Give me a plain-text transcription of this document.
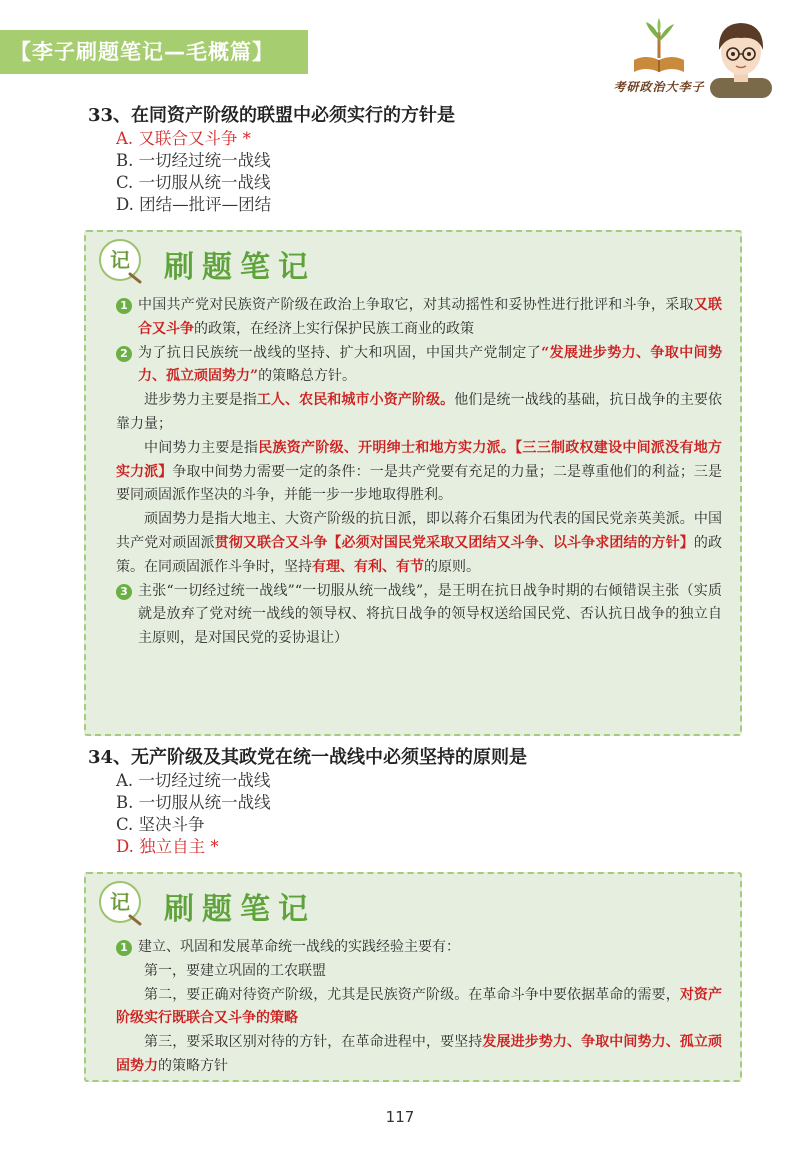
【李子刷题笔记—毛概篇】
考研政治大李子
33、在同资产阶级的联盟中必须实行的方针是
A. 又联合又斗争 *
B. 一切经过统一战线
C. 一切服从统一战线
D. 团结—批评—团结
记 刷题笔记
1 中国共产党对民族资产阶级在政治上争取它，对其动摇性和妥协性进行批评和斗争，采取又联合又斗争的政策，在经济上实行保护民族工商业的政策
2 为了抗日民族统一战线的坚持、扩大和巩固，中国共产党制定了“发展进步势力、争取中间势力、孤立顽固势力”的策略总方针。
进步势力主要是指工人、农民和城市小资产阶级。他们是统一战线的基础，抗日战争的主要依靠力量；
中间势力主要是指民族资产阶级、开明绅士和地方实力派。【三三制政权建设中间派没有地方实力派】争取中间势力需要一定的条件：一是共产党要有充足的力量；二是尊重他们的利益；三是要同顽固派作坚决的斗争，并能一步一步地取得胜利。
顽固势力是指大地主、大资产阶级的抗日派，即以蒋介石集团为代表的国民党亲英美派。中国共产党对顽固派贯彻又联合又斗争【必须对国民党采取又团结又斗争、以斗争求团结的方针】的政策。在同顽固派作斗争时，坚持有理、有利、有节的原则。
3 主张“一切经过统一战线”“一切服从统一战线”，是王明在抗日战争时期的右倾错误主张（实质就是放弃了党对统一战线的领导权、将抗日战争的领导权送给国民党、否认抗日战争的独立自主原则，是对国民党的妥协退让）
34、无产阶级及其政党在统一战线中必须坚持的原则是
A. 一切经过统一战线
B. 一切服从统一战线
C. 坚决斗争
D. 独立自主 *
记 刷题笔记
1 建立、巩固和发展革命统一战线的实践经验主要有：
第一，要建立巩固的工农联盟
第二，要正确对待资产阶级，尤其是民族资产阶级。在革命斗争中要依据革命的需要，对资产阶级实行既联合又斗争的策略
第三，要采取区别对待的方针，在革命进程中，要坚持发展进步势力、争取中间势力、孤立顽固势力的策略方针
117
